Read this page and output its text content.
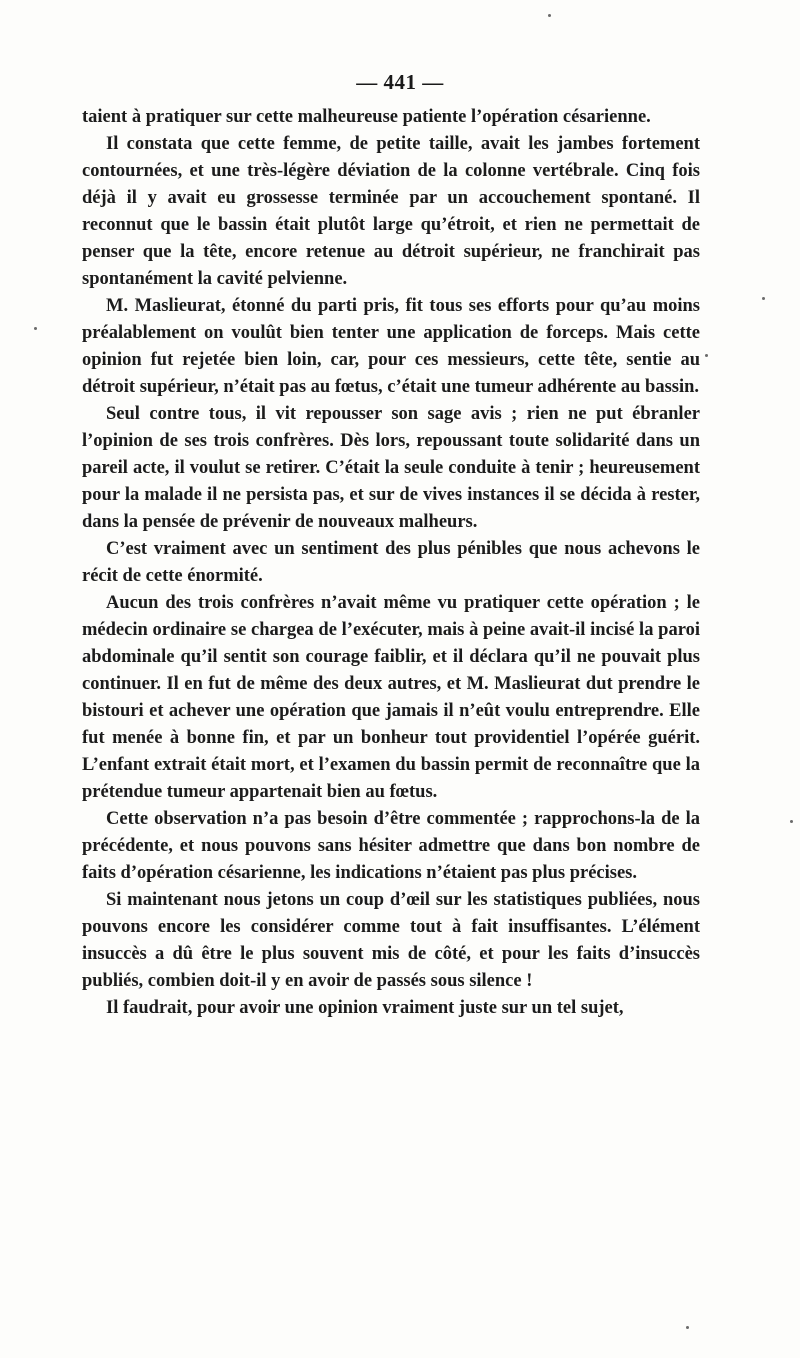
— 441 —

taient à pratiquer sur cette malheureuse patiente l’opération césarienne.

Il constata que cette femme, de petite taille, avait les jambes fortement contournées, et une très-légère déviation de la colonne vertébrale. Cinq fois déjà il y avait eu grossesse terminée par un accouchement spontané. Il reconnut que le bassin était plutôt large qu’étroit, et rien ne permettait de penser que la tête, encore retenue au détroit supérieur, ne franchirait pas spontanément la cavité pelvienne.

M. Maslieurat, étonné du parti pris, fit tous ses efforts pour qu’au moins préalablement on voulût bien tenter une application de forceps. Mais cette opinion fut rejetée bien loin, car, pour ces messieurs, cette tête, sentie au détroit supérieur, n’était pas au fœtus, c’était une tumeur adhérente au bassin.

Seul contre tous, il vit repousser son sage avis ; rien ne put ébranler l’opinion de ses trois confrères. Dès lors, repoussant toute solidarité dans un pareil acte, il voulut se retirer. C’était la seule conduite à tenir ; heureusement pour la malade il ne persista pas, et sur de vives instances il se décida à rester, dans la pensée de prévenir de nouveaux malheurs.

C’est vraiment avec un sentiment des plus pénibles que nous achevons le récit de cette énormité.

Aucun des trois confrères n’avait même vu pratiquer cette opération ; le médecin ordinaire se chargea de l’exécuter, mais à peine avait-il incisé la paroi abdominale qu’il sentit son courage faiblir, et il déclara qu’il ne pouvait plus continuer. Il en fut de même des deux autres, et M. Maslieurat dut prendre le bistouri et achever une opération que jamais il n’eût voulu entreprendre. Elle fut menée à bonne fin, et par un bonheur tout providentiel l’opérée guérit. L’enfant extrait était mort, et l’examen du bassin permit de reconnaître que la prétendue tumeur appartenait bien au fœtus.

Cette observation n’a pas besoin d’être commentée ; rapprochons-la de la précédente, et nous pouvons sans hésiter admettre que dans bon nombre de faits d’opération césarienne, les indications n’étaient pas plus précises.

Si maintenant nous jetons un coup d’œil sur les statistiques publiées, nous pouvons encore les considérer comme tout à fait insuffisantes. L’élément insuccès a dû être le plus souvent mis de côté, et pour les faits d’insuccès publiés, combien doit-il y en avoir de passés sous silence !

Il faudrait, pour avoir une opinion vraiment juste sur un tel sujet,
